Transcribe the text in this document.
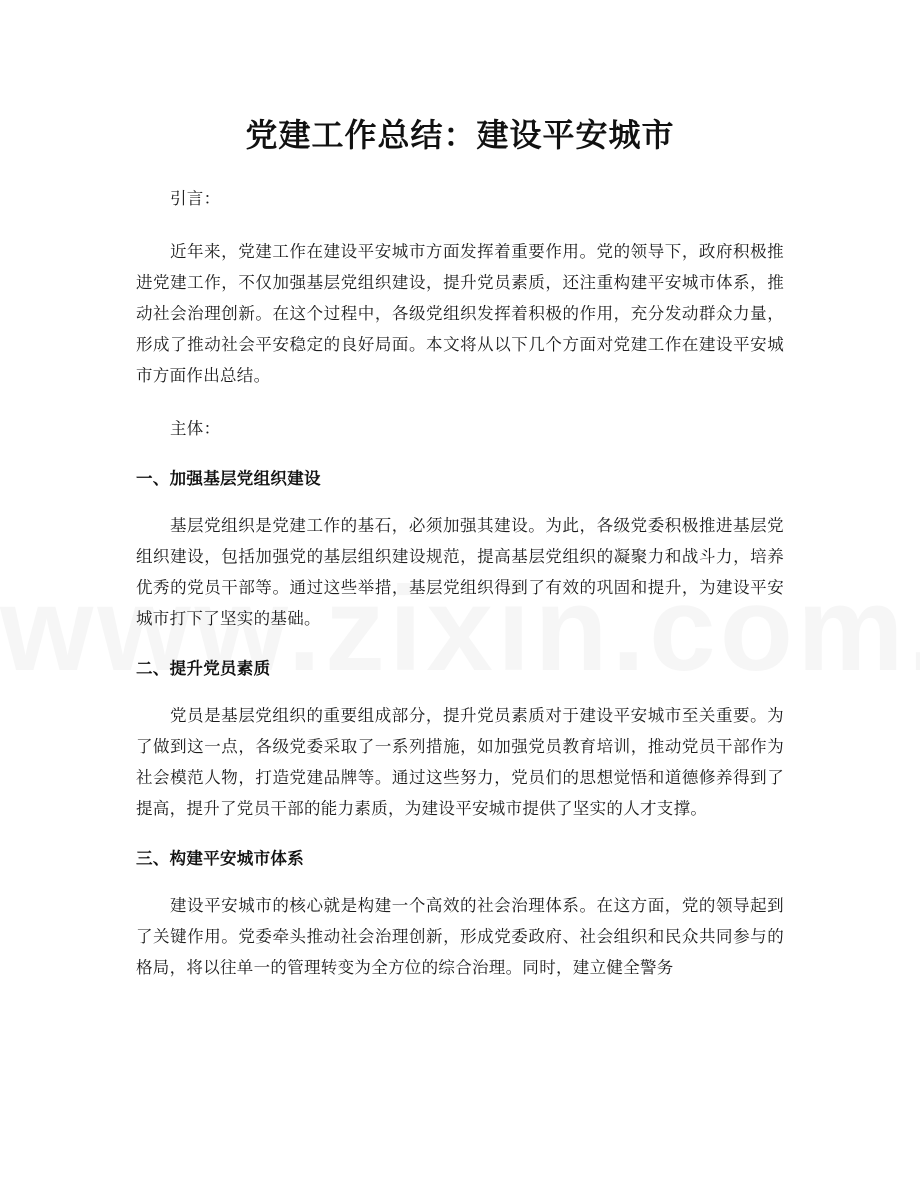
党建工作总结：建设平安城市

引言：

近年来，党建工作在建设平安城市方面发挥着重要作用。党的领导下，政府积极推进党建工作，不仅加强基层党组织建设，提升党员素质，还注重构建平安城市体系，推动社会治理创新。在这个过程中，各级党组织发挥着积极的作用，充分发动群众力量，形成了推动社会平安稳定的良好局面。本文将从以下几个方面对党建工作在建设平安城市方面作出总结。

主体：

一、加强基层党组织建设

基层党组织是党建工作的基石，必须加强其建设。为此，各级党委积极推进基层党组织建设，包括加强党的基层组织建设规范，提高基层党组织的凝聚力和战斗力，培养优秀的党员干部等。通过这些举措，基层党组织得到了有效的巩固和提升，为建设平安城市打下了坚实的基础。

二、提升党员素质

党员是基层党组织的重要组成部分，提升党员素质对于建设平安城市至关重要。为了做到这一点，各级党委采取了一系列措施，如加强党员教育培训，推动党员干部作为社会模范人物，打造党建品牌等。通过这些努力，党员们的思想觉悟和道德修养得到了提高，提升了党员干部的能力素质，为建设平安城市提供了坚实的人才支撑。

三、构建平安城市体系

建设平安城市的核心就是构建一个高效的社会治理体系。在这方面，党的领导起到了关键作用。党委牵头推动社会治理创新，形成党委政府、社会组织和民众共同参与的格局，将以往单一的管理转变为全方位的综合治理。同时，建立健全警务
